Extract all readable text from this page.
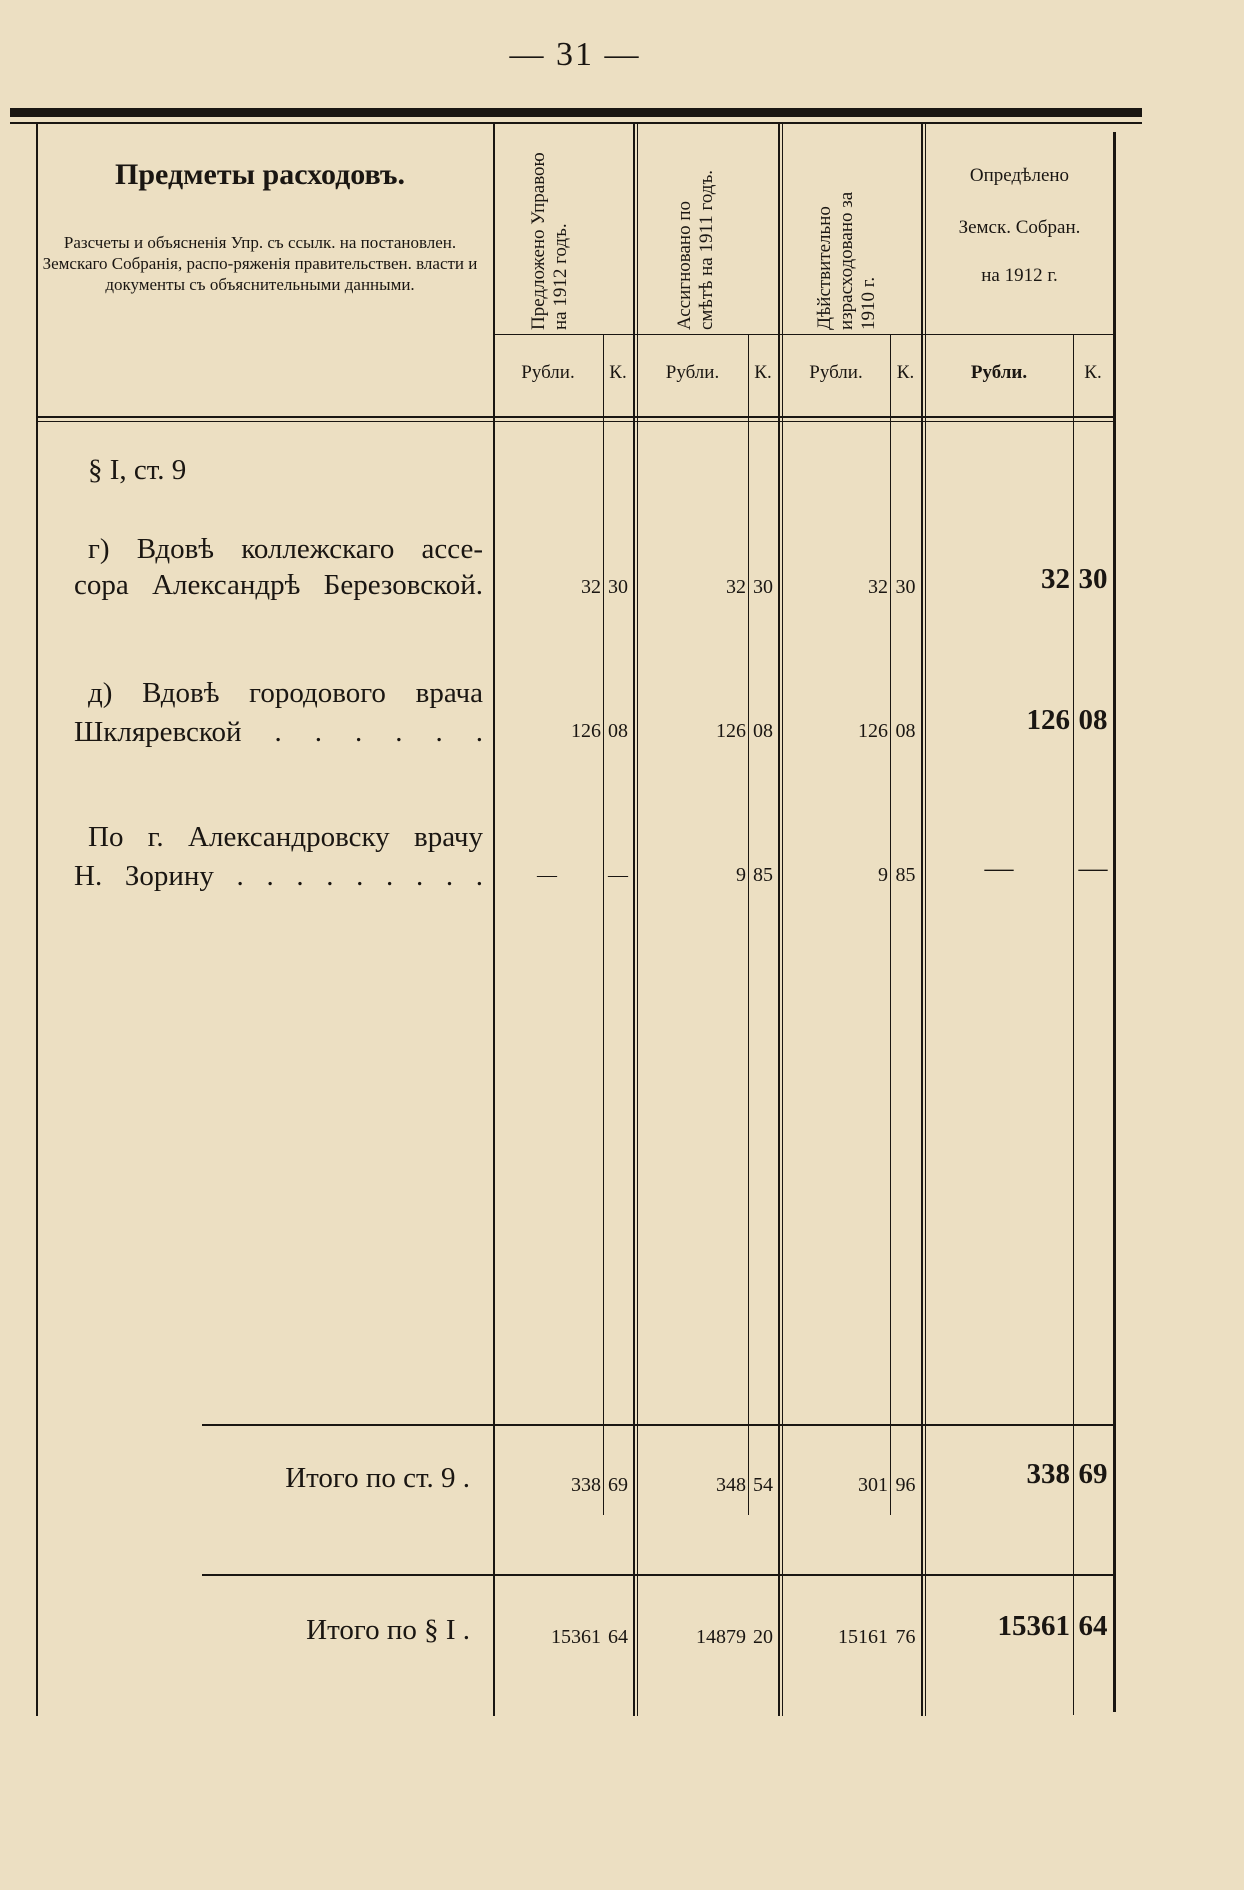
— 31 —
Предметы расходовъ.
Разсчеты и объясненія Упр. съ ссылк. на постановлен. Земскаго Собранія, распо-ряженія правительствен. власти и документы съ объяснительными данными.	Предложено Управою на 1912 годъ.	Ассигновано по смѣтѣ на 1911 годъ.	Дѣйствительно израсходовано за 1910 г.
Опредѣлено
Земск. Собран.
на 1912 г.
Рубли.	К.	Рубли.	К.	Рубли.	К.	Рубли.	К.
§ I, ст. 9
г) Вдовѣ коллежскаго ассе-
сора Александрѣ Березовской.	32 30	32 30	32 30	32 30
д) Вдовѣ городового врача
Шкляревской . . . . . .	126 08	126 08	126 08	126 08
По г. Александровску врачу
Н. Зорину . . . . . . . . .	—	—	9 85	9 85	—	—
Итого по ст. 9 .	338 69	348 54	301 96	338 69
Итого по § I .	15361 64	14879 20	15161 76	15361 64
